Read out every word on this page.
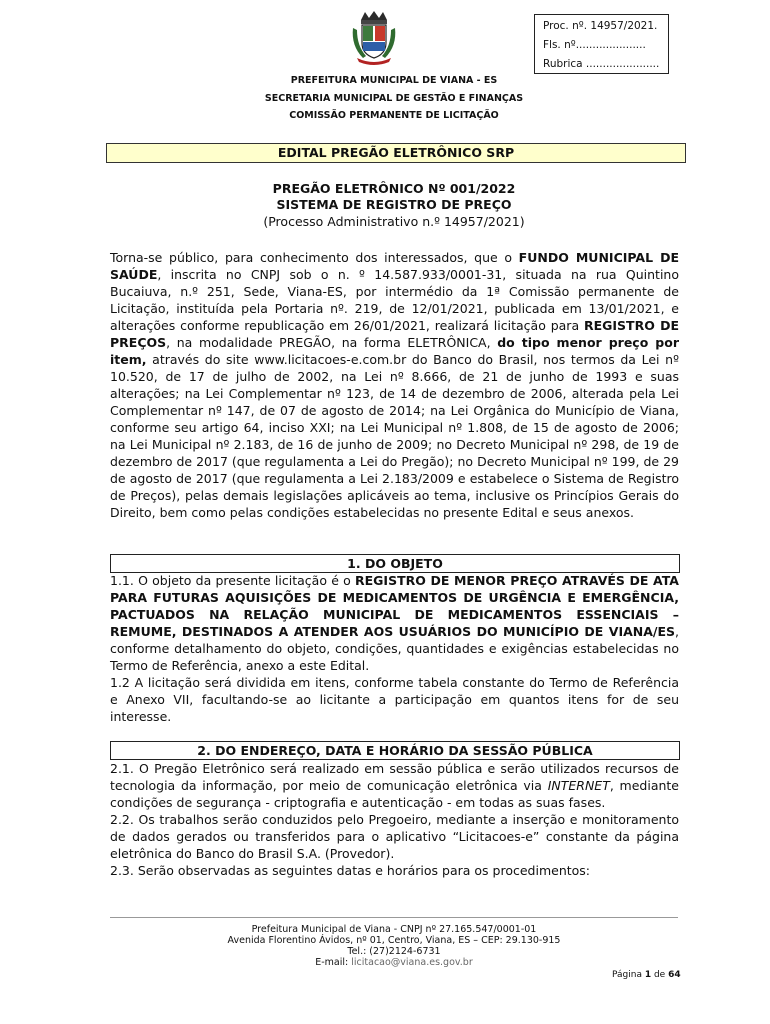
Proc. nº. 14957/2021.
Fls. nº.....................
Rubrica ......................
PREFEITURA MUNICIPAL DE VIANA - ES
SECRETARIA MUNICIPAL DE GESTÃO E FINANÇAS
COMISSÃO PERMANENTE DE LICITAÇÃO
EDITAL PREGÃO ELETRÔNICO SRP
PREGÃO ELETRÔNICO Nº 001/2022
SISTEMA DE REGISTRO DE PREÇO
(Processo Administrativo n.º 14957/2021)

Torna-se público, para conhecimento dos interessados, que o FUNDO MUNICIPAL DE SAÚDE, inscrita no CNPJ sob o n. º 14.587.933/0001-31, situada na rua Quintino Bucaiuva, n.º 251, Sede, Viana-ES, por intermédio da 1ª Comissão permanente de Licitação, instituída pela Portaria nº. 219, de 12/01/2021, publicada em 13/01/2021, e alterações conforme republicação em 26/01/2021, realizará licitação para REGISTRO DE PREÇOS, na modalidade PREGÃO, na forma ELETRÔNICA, do tipo menor preço por item, através do site www.licitacoes-e.com.br do Banco do Brasil, nos termos da Lei nº 10.520, de 17 de julho de 2002, na Lei nº 8.666, de 21 de junho de 1993 e suas alterações; na Lei Complementar nº 123, de 14 de dezembro de 2006, alterada pela Lei Complementar nº 147, de 07 de agosto de 2014; na Lei Orgânica do Município de Viana, conforme seu artigo 64, inciso XXI; na Lei Municipal nº 1.808, de 15 de agosto de 2006; na Lei Municipal nº 2.183, de 16 de junho de 2009; no Decreto Municipal nº 298, de 19 de dezembro de 2017 (que regulamenta a Lei do Pregão); no Decreto Municipal nº 199, de 29 de agosto de 2017 (que regulamenta a Lei 2.183/2009 e estabelece o Sistema de Registro de Preços), pelas demais legislações aplicáveis ao tema, inclusive os Princípios Gerais do Direito, bem como pelas condições estabelecidas no presente Edital e seus anexos.

1. DO OBJETO

1.1. O objeto da presente licitação é o REGISTRO DE MENOR PREÇO ATRAVÉS DE ATA PARA FUTURAS AQUISIÇÕES DE MEDICAMENTOS DE URGÊNCIA E EMERGÊNCIA, PACTUADOS NA RELAÇÃO MUNICIPAL DE MEDICAMENTOS ESSENCIAIS – REMUME, DESTINADOS A ATENDER AOS USUÁRIOS DO MUNICÍPIO DE VIANA/ES, conforme detalhamento do objeto, condições, quantidades e exigências estabelecidas no Termo de Referência, anexo a este Edital.

1.2 A licitação será dividida em itens, conforme tabela constante do Termo de Referência e Anexo VII, facultando-se ao licitante a participação em quantos itens for de seu interesse.

2. DO ENDEREÇO, DATA E HORÁRIO DA SESSÃO PÚBLICA

2.1. O Pregão Eletrônico será realizado em sessão pública e serão utilizados recursos de tecnologia da informação, por meio de comunicação eletrônica via INTERNET, mediante condições de segurança - criptografia e autenticação - em todas as suas fases.

2.2. Os trabalhos serão conduzidos pelo Pregoeiro, mediante a inserção e monitoramento de dados gerados ou transferidos para o aplicativo “Licitacoes-e” constante da página eletrônica do Banco do Brasil S.A. (Provedor).

2.3. Serão observadas as seguintes datas e horários para os procedimentos:

Prefeitura Municipal de Viana - CNPJ nº 27.165.547/0001-01
Avenida Florentino Ávidos, nº 01, Centro, Viana, ES – CEP: 29.130-915
Tel.: (27)2124-6731
E-mail: licitacao@viana.es.gov.br
Página 1 de 64
